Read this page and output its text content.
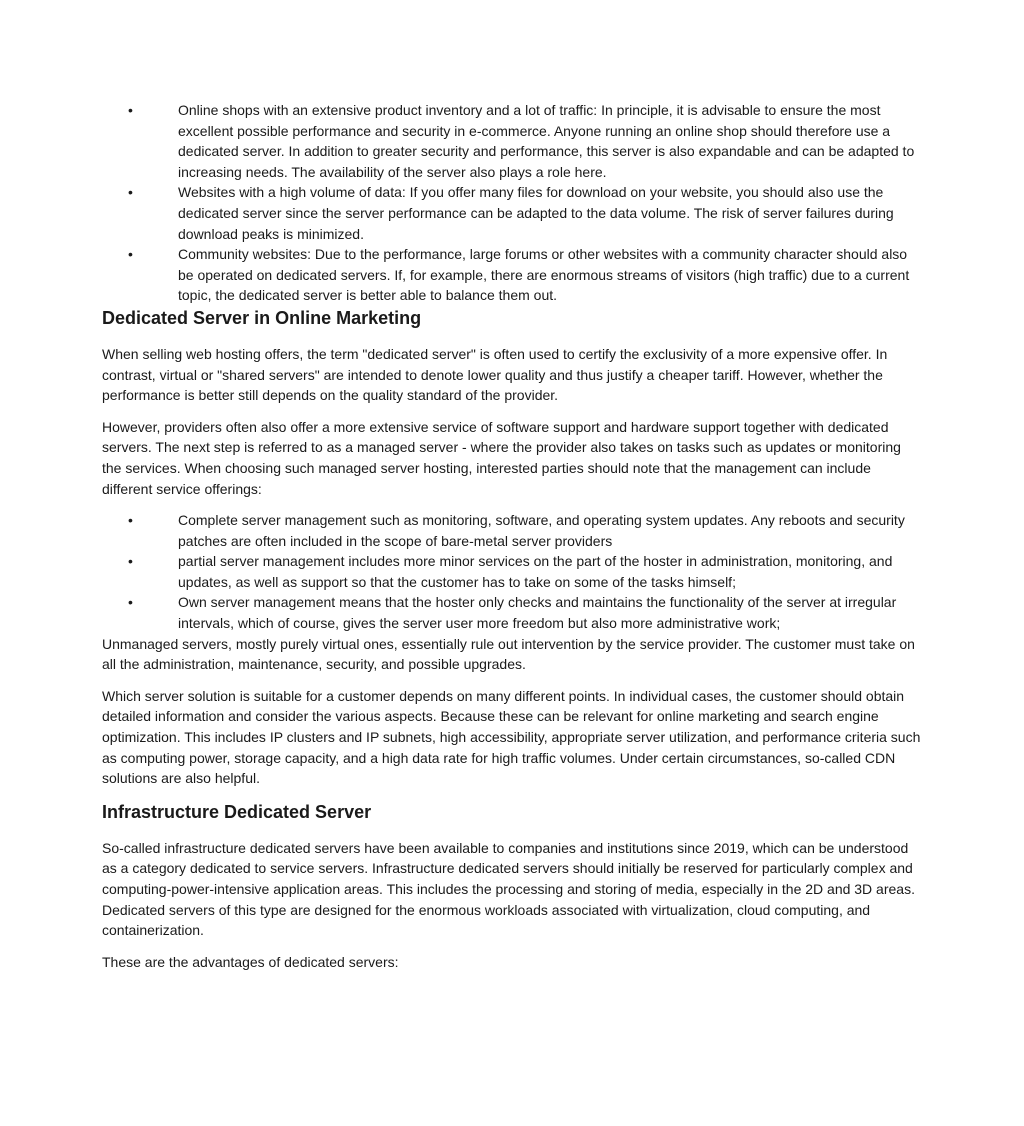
•	Online shops with an extensive product inventory and a lot of traffic: In principle, it is advisable to ensure the most excellent possible performance and security in e-commerce. Anyone running an online shop should therefore use a dedicated server. In addition to greater security and performance, this server is also expandable and can be adapted to increasing needs. The availability of the server also plays a role here.
•	Websites with a high volume of data: If you offer many files for download on your website, you should also use the dedicated server since the server performance can be adapted to the data volume. The risk of server failures during download peaks is minimized.
•	Community websites: Due to the performance, large forums or other websites with a community character should also be operated on dedicated servers. If, for example, there are enormous streams of visitors (high traffic) due to a current topic, the dedicated server is better able to balance them out.
Dedicated Server in Online Marketing

When selling web hosting offers, the term "dedicated server" is often used to certify the exclusivity of a more expensive offer. In contrast, virtual or "shared servers" are intended to denote lower quality and thus justify a cheaper tariff. However, whether the performance is better still depends on the quality standard of the provider.

However, providers often also offer a more extensive service of software support and hardware support together with dedicated servers. The next step is referred to as a managed server - where the provider also takes on tasks such as updates or monitoring the services. When choosing such managed server hosting, interested parties should note that the management can include different service offerings:

•	Complete server management such as monitoring, software, and operating system updates. Any reboots and security patches are often included in the scope of bare-metal server providers
•	partial server management includes more minor services on the part of the hoster in administration, monitoring, and updates, as well as support so that the customer has to take on some of the tasks himself;
•	Own server management means that the hoster only checks and maintains the functionality of the server at irregular intervals, which of course, gives the server user more freedom but also more administrative work;

Unmanaged servers, mostly purely virtual ones, essentially rule out intervention by the service provider. The customer must take on all the administration, maintenance, security, and possible upgrades.

Which server solution is suitable for a customer depends on many different points. In individual cases, the customer should obtain detailed information and consider the various aspects. Because these can be relevant for online marketing and search engine optimization. This includes IP clusters and IP subnets, high accessibility, appropriate server utilization, and performance criteria such as computing power, storage capacity, and a high data rate for high traffic volumes. Under certain circumstances, so-called CDN solutions are also helpful.

Infrastructure Dedicated Server

So-called infrastructure dedicated servers have been available to companies and institutions since 2019, which can be understood as a category dedicated to service servers. Infrastructure dedicated servers should initially be reserved for particularly complex and computing-power-intensive application areas. This includes the processing and storing of media, especially in the 2D and 3D areas. Dedicated servers of this type are designed for the enormous workloads associated with virtualization, cloud computing, and containerization.

These are the advantages of dedicated servers:
